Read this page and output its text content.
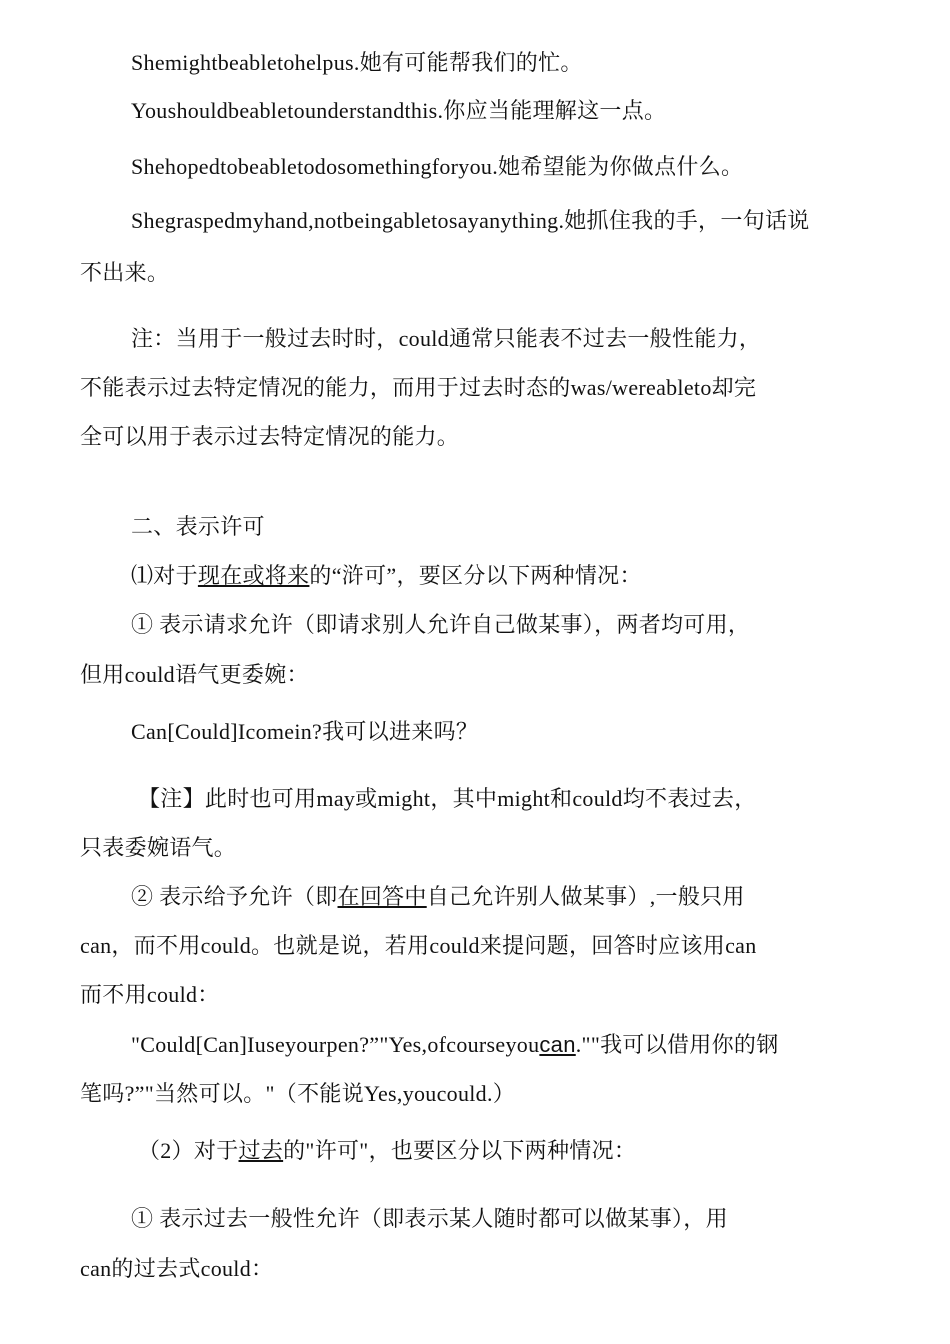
Shemightbeabletohelpus.她有可能帮我们的忙。
Youshouldbeabletounderstandthis.你应当能理解这一点。
Shehopedtobeabletodosomethingforyou.她希望能为你做点什么。
Shegraspedmyhand,notbeingabletosayanything.她抓住我的手，一句话说
不出来。
注：当用于一般过去时时，could通常只能表不过去一般性能力，
不能表示过去特定情况的能力，而用于过去时态的was/wereableto却完
全可以用于表示过去特定情况的能力。
二、表示许可
⑴对于现在或将来的“浒可”，要区分以下两种情况：
① 表示请求允许（即请求别人允许自己做某事），两者均可用，
但用could语气更委婉：
Can[Could]Icomein?我可以进来吗？
【注】此时也可用may或might，其中might和could均不表过去，
只表委婉语气。
② 表示给予允许（即在回答中自己允许别人做某事）,一般只用
can，而不用could。也就是说，若用could来提问题，回答时应该用can
而不用could：
"Could[Can]Iuseyourpen?”"Yes,ofcourseyoucan.""我可以借用你的钢
笔吗?”"当然可以。"（不能说Yes,youcould.）
（2）对于过去的"许可"，也要区分以下两种情况：
① 表示过去一般性允许（即表示某人随时都可以做某事），用
can的过去式could：
